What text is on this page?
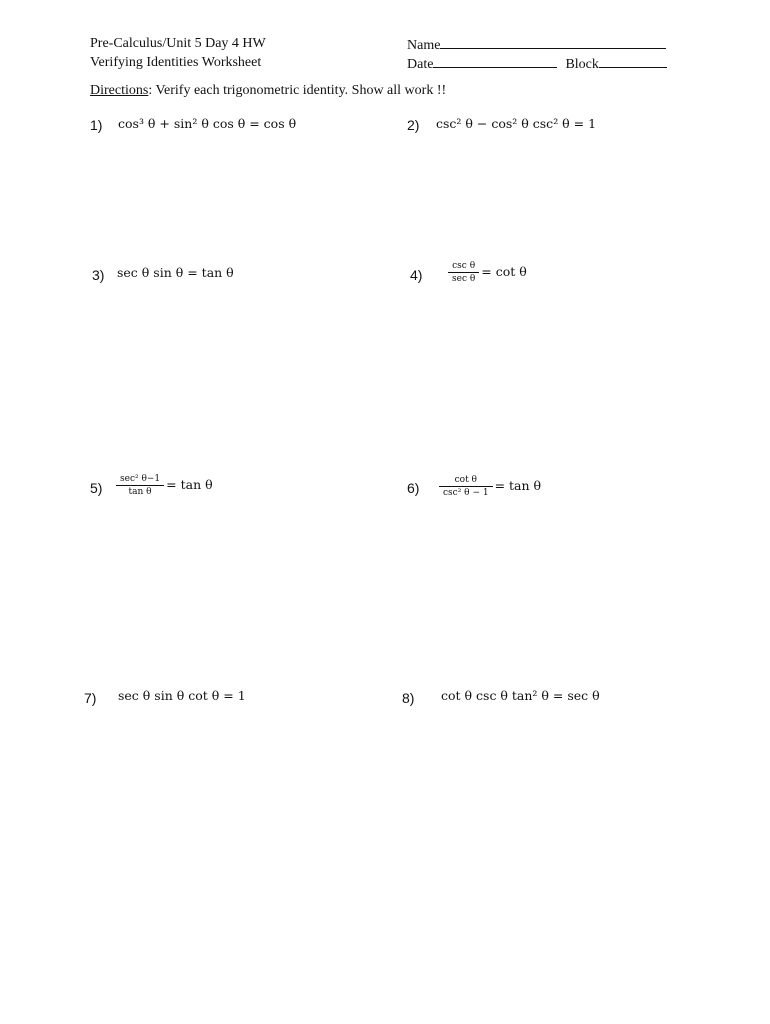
Pre-Calculus/Unit 5 Day 4 HW
Verifying Identities Worksheet
Name
Date	Block
Directions: Verify each trigonometric identity. Show all work !!
1) cos³ θ + sin² θ cos θ = cos θ	2) csc² θ − cos² θ csc² θ = 1
3) sec θ sin θ = tan θ	4)	$\frac{\text{csc θ}}{\text{sec θ}} = \cot \theta$
$5) \frac{\text{sec² θ−1}}{\text{tan θ}} = \tan \theta$	$6) \frac{\text{cot θ}}{\text{csc² θ − 1}} = \tan \theta$
7) sec θ sin θ cot θ = 1	8) cot θ csc θ tan² θ = sec θ
